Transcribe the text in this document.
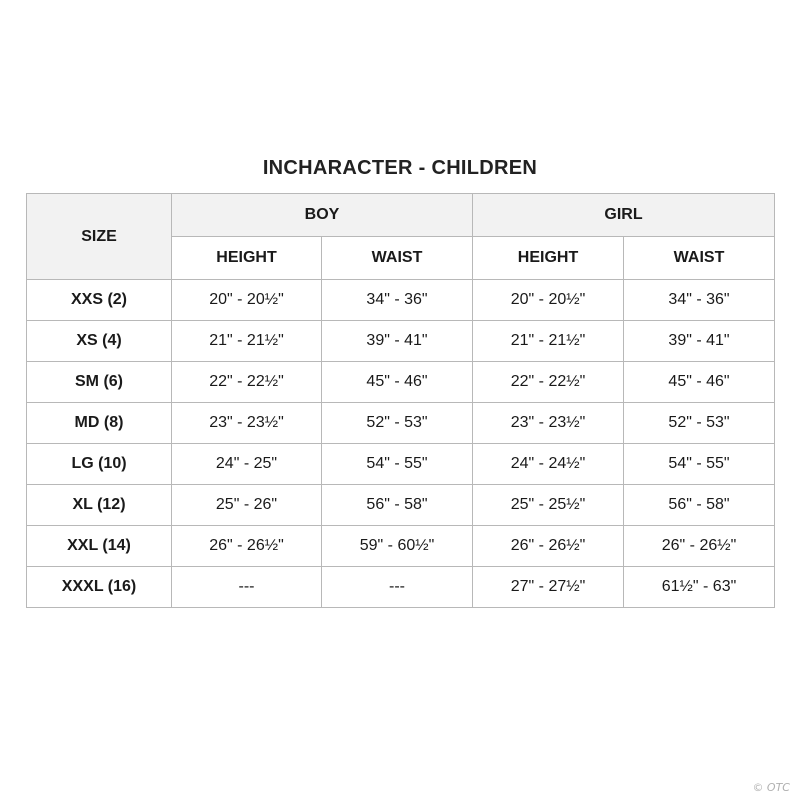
INCHARACTER - CHILDREN
SIZE	BOY		GIRL	
	HEIGHT	WAIST	HEIGHT	WAIST
XXS (2)	20" - 20½"	34" - 36"	20" - 20½"	34" - 36"
XS (4)	21" - 21½"	39" - 41"	21" - 21½"	39" - 41"
SM (6)	22" - 22½"	45" - 46"	22" - 22½"	45" - 46"
MD (8)	23" - 23½"	52" - 53"	23" - 23½"	52" - 53"
LG (10)	24" - 25"	54" - 55"	24" - 24½"	54" - 55"
XL (12)	25" - 26"	56" - 58"	25" - 25½"	56" - 58"
XXL (14)	26" - 26½"	59" - 60½"	26" - 26½"	26" - 26½"
XXXL (16)	---	---	27" - 27½"	61½" - 63"
© OTC
